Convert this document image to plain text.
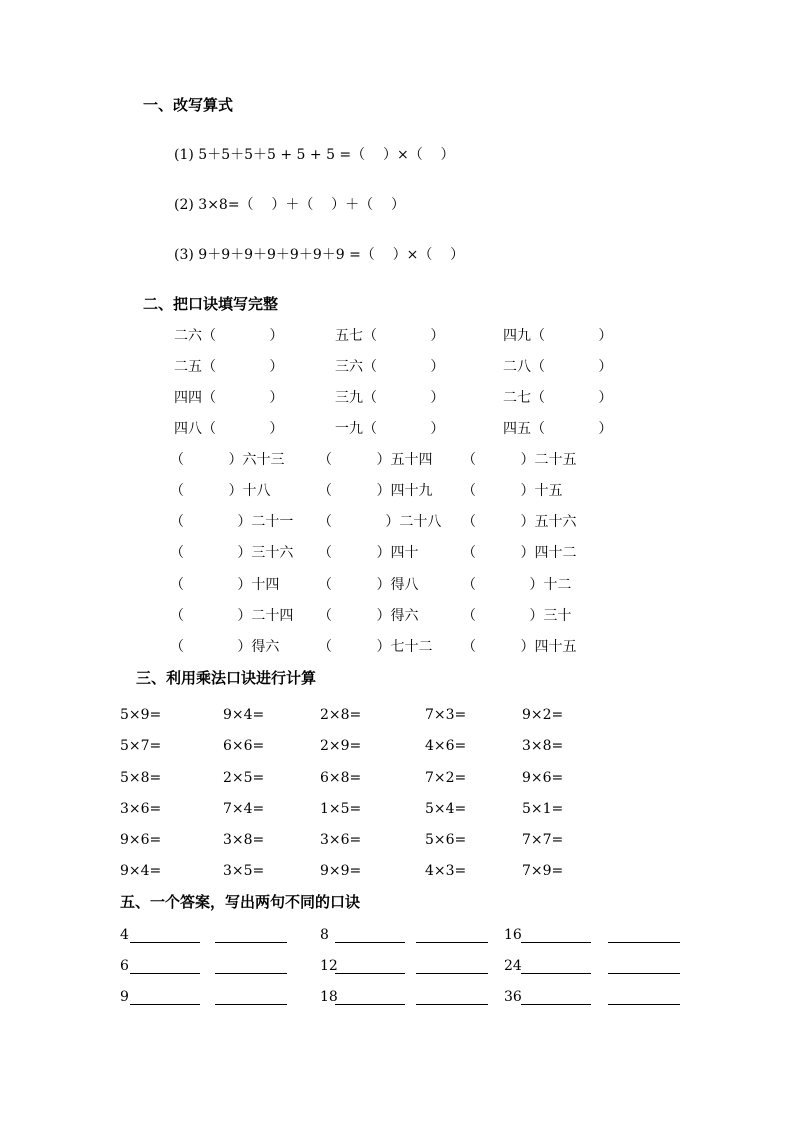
一、改写算式
(1) 5＋5＋5＋5 + 5 + 5 =（    ）×（    ）
(2) 3×8=（    ）＋（    ）＋（    ）
(3) 9＋9＋9＋9＋9＋9＋9 =（    ）×（    ）
二、把口诀填写完整
二六（            ）	五七（            ）	四九（            ）
二五（            ）	三六（            ）	二八（            ）
四四（            ）	三九（            ）	二七（            ）
四八（            ）	一九（            ）	四五（            ）
（          ）六十三 （          ）五十四 （          ）二十五
（          ）十八	（          ）四十九 （          ）十五
（            ）二十一 （            ）二十八 （          ）五十六
（            ）三十六 （          ）四十	（          ）四十二
（            ）十四	（          ）得八	（            ）十二
（            ）二十四 （          ）得六	（            ）三十
（            ）得六	（          ）七十二 （          ）四十五
三、利用乘法口诀进行计算
5×9=	9×4=	2×8=	7×3=	9×2=
5×7=	6×6=	2×9=	4×6=	3×8=
5×8=	2×5=	6×8=	7×2=	9×6=
3×6=	7×4=	1×5=	5×4=	5×1=
9×6=	3×8=	3×6=	5×6=	7×7=
9×4=	3×5=	9×9=	4×3=	7×9=
五、一个答案，写出两句不同的口诀
4	8	16
6	12	24
9	18	36
